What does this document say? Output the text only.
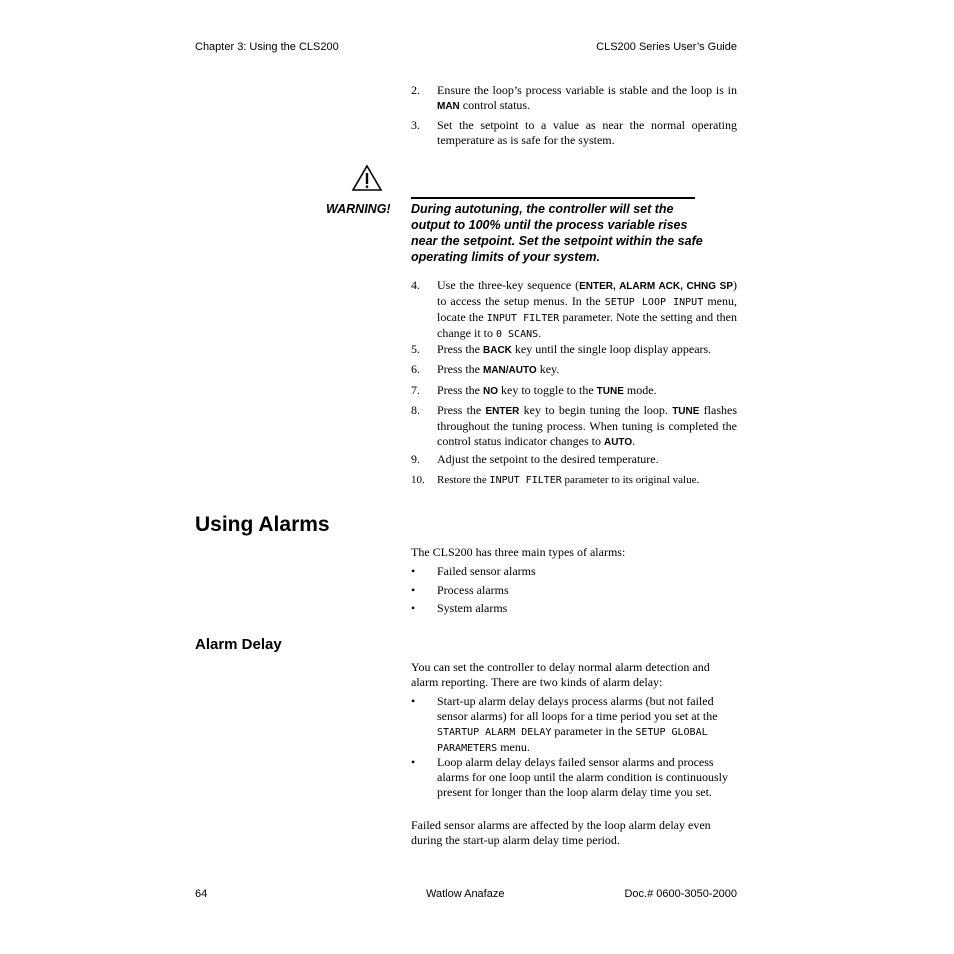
Chapter 3: Using the CLS200	CLS200 Series User’s Guide
2.	Ensure the loop’s process variable is stable and the loop is in MAN control status.
3.	Set the setpoint to a value as near the normal operating temperature as is safe for the system.
WARNING! During autotuning, the controller will set the output to 100% until the process variable rises near the setpoint. Set the setpoint within the safe operating limits of your system.
4.	Use the three-key sequence (ENTER, ALARM ACK, CHNG SP) to access the setup menus. In the SETUP LOOP INPUT menu, locate the INPUT FILTER parameter. Note the setting and then change it to 0 SCANS.
5.	Press the BACK key until the single loop display appears.
6.	Press the MAN/AUTO key.
7.	Press the NO key to toggle to the TUNE mode.
8.	Press the ENTER key to begin tuning the loop. TUNE flashes throughout the tuning process. When tuning is completed the control status indicator changes to AUTO.
9.	Adjust the setpoint to the desired temperature.
10.	Restore the INPUT FILTER parameter to its original value.
Using Alarms
The CLS200 has three main types of alarms:
•	Failed sensor alarms
•	Process alarms
•	System alarms
Alarm Delay
You can set the controller to delay normal alarm detection and alarm reporting. There are two kinds of alarm delay:
•	Start-up alarm delay delays process alarms (but not failed sensor alarms) for all loops for a time period you set at the STARTUP ALARM DELAY parameter in the SETUP GLOBAL PARAMETERS menu.
•	Loop alarm delay delays failed sensor alarms and process alarms for one loop until the alarm condition is continuously present for longer than the loop alarm delay time you set.
Failed sensor alarms are affected by the loop alarm delay even during the start-up alarm delay time period.
64	Watlow Anafaze	Doc.# 0600-3050-2000
